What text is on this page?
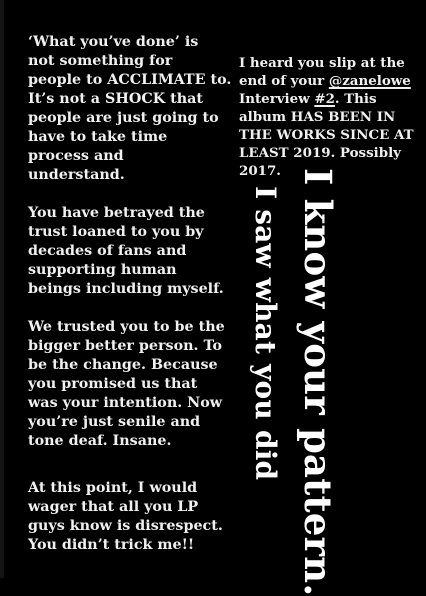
‘What you’ve done’ is
not something for
people to ACCLIMATE to.
It’s not a SHOCK that
people are just going to
have to take time
process and
understand.

You have betrayed the
trust loaned to you by
decades of fans and
supporting human
beings including myself.

We trusted you to be the
bigger better person. To
be the change. Because
you promised us that
was your intention. Now
you’re just senile and
tone deaf. Insane.

At this point, I would
wager that all you LP
guys know is disrespect.
You didn’t trick me!!

I heard you slip at the end of your @zanelowe Interview #2. This album HAS BEEN IN THE WORKS SINCE AT LEAST 2019. Possibly 2017. I know your pattern.
I saw what you did
